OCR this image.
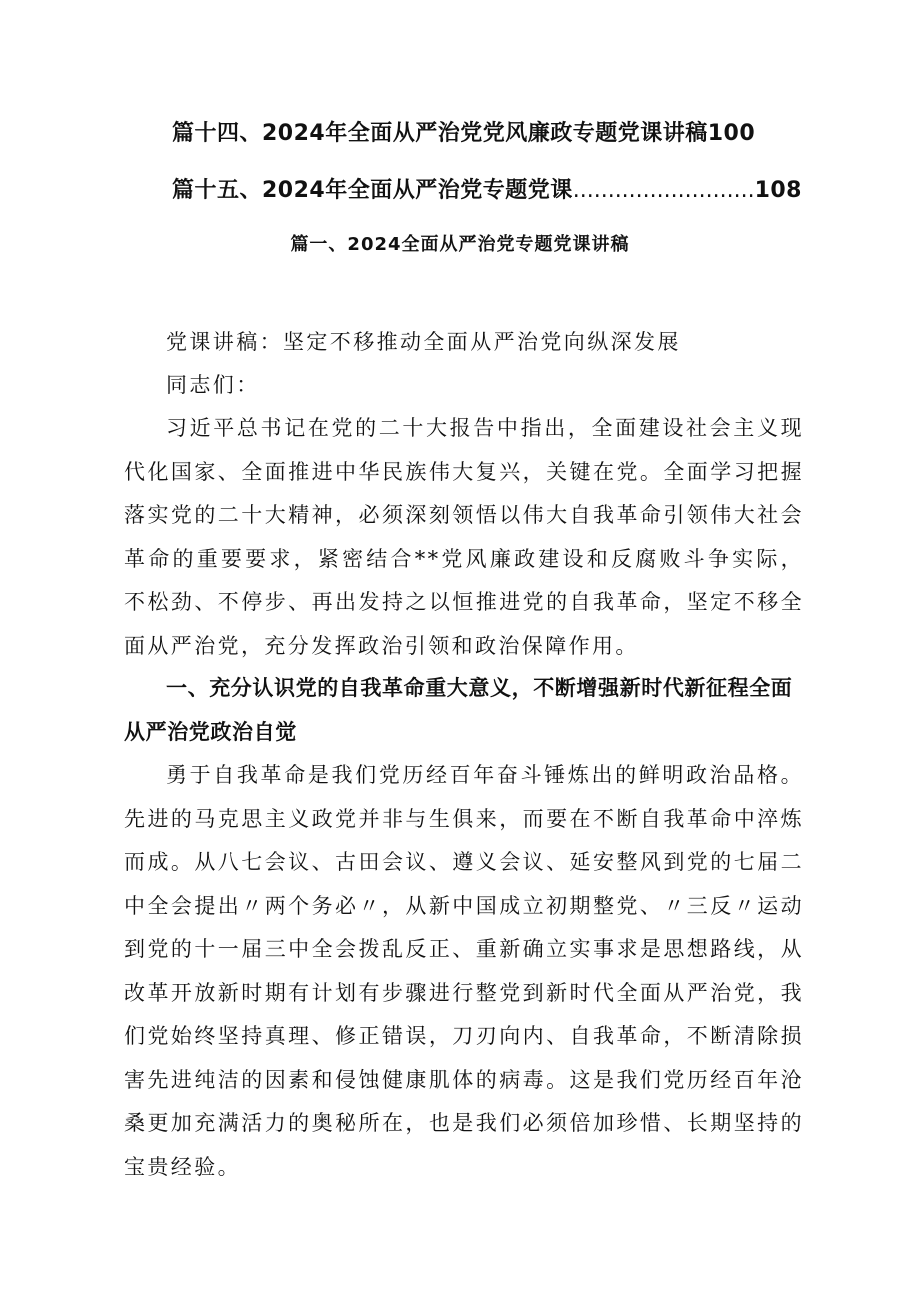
篇十四、2024年全面从严治党党风廉政专题党课讲稿100
篇十五、2024年全面从严治党专题党课..........................108
篇一、2024全面从严治党专题党课讲稿
党课讲稿：坚定不移推动全面从严治党向纵深发展
同志们：
习近平总书记在党的二十大报告中指出，全面建设社会主义现代化国家、全面推进中华民族伟大复兴，关键在党。全面学习把握落实党的二十大精神，必须深刻领悟以伟大自我革命引领伟大社会革命的重要要求，紧密结合**党风廉政建设和反腐败斗争实际，不松劲、不停步、再出发持之以恒推进党的自我革命，坚定不移全面从严治党，充分发挥政治引领和政治保障作用。
一、充分认识党的自我革命重大意义，不断增强新时代新征程全面从严治党政治自觉
勇于自我革命是我们党历经百年奋斗锤炼出的鲜明政治品格。先进的马克思主义政党并非与生俱来，而要在不断自我革命中淬炼而成。从八七会议、古田会议、遵义会议、延安整风到党的七届二中全会提出〃两个务必〃，从新中国成立初期整党、〃三反〃运动到党的十一届三中全会拨乱反正、重新确立实事求是思想路线，从改革开放新时期有计划有步骤进行整党到新时代全面从严治党，我们党始终坚持真理、修正错误，刀刃向内、自我革命，不断清除损害先进纯洁的因素和侵蚀健康肌体的病毒。这是我们党历经百年沧桑更加充满活力的奥秘所在，也是我们必须倍加珍惜、长期坚持的宝贵经验。
